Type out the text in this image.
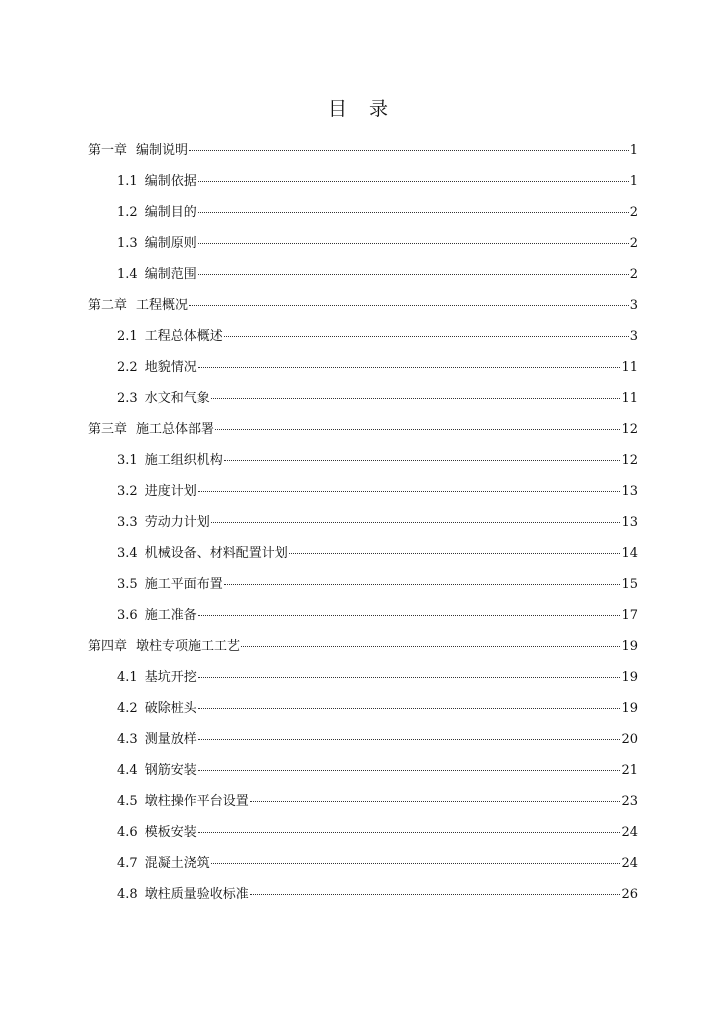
目 录
第一章 编制说明	1
1.1 编制依据	1
1.2 编制目的	2
1.3 编制原则	2
1.4 编制范围	2
第二章 工程概况	3
2.1 工程总体概述	3
2.2 地貌情况	11
2.3 水文和气象	11
第三章 施工总体部署	12
3.1 施工组织机构	12
3.2 进度计划	13
3.3 劳动力计划	13
3.4 机械设备、材料配置计划	14
3.5 施工平面布置	15
3.6 施工准备	17
第四章 墩柱专项施工工艺	19
4.1 基坑开挖	19
4.2 破除桩头	19
4.3 测量放样	20
4.4 钢筋安装	21
4.5 墩柱操作平台设置	23
4.6 模板安装	24
4.7 混凝土浇筑	24
4.8 墩柱质量验收标准	26
